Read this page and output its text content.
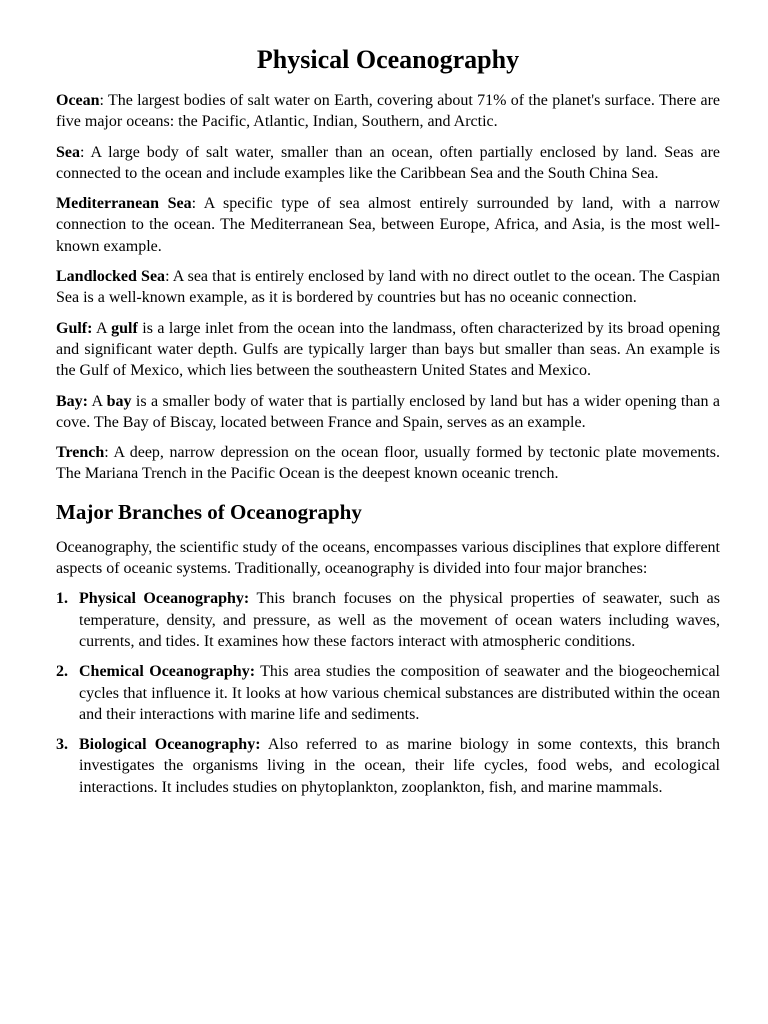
Physical Oceanography

Ocean: The largest bodies of salt water on Earth, covering about 71% of the planet's surface. There are five major oceans: the Pacific, Atlantic, Indian, Southern, and Arctic.

Sea: A large body of salt water, smaller than an ocean, often partially enclosed by land. Seas are connected to the ocean and include examples like the Caribbean Sea and the South China Sea.

Mediterranean Sea: A specific type of sea almost entirely surrounded by land, with a narrow connection to the ocean. The Mediterranean Sea, between Europe, Africa, and Asia, is the most well-known example.

Landlocked Sea: A sea that is entirely enclosed by land with no direct outlet to the ocean. The Caspian Sea is a well-known example, as it is bordered by countries but has no oceanic connection.

Gulf: A gulf is a large inlet from the ocean into the landmass, often characterized by its broad opening and significant water depth. Gulfs are typically larger than bays but smaller than seas. An example is the Gulf of Mexico, which lies between the southeastern United States and Mexico.

Bay: A bay is a smaller body of water that is partially enclosed by land but has a wider opening than a cove. The Bay of Biscay, located between France and Spain, serves as an example.

Trench: A deep, narrow depression on the ocean floor, usually formed by tectonic plate movements. The Mariana Trench in the Pacific Ocean is the deepest known oceanic trench.

Major Branches of Oceanography

Oceanography, the scientific study of the oceans, encompasses various disciplines that explore different aspects of oceanic systems. Traditionally, oceanography is divided into four major branches:

1. Physical Oceanography: This branch focuses on the physical properties of seawater, such as temperature, density, and pressure, as well as the movement of ocean waters including waves, currents, and tides. It examines how these factors interact with atmospheric conditions.
2. Chemical Oceanography: This area studies the composition of seawater and the biogeochemical cycles that influence it. It looks at how various chemical substances are distributed within the ocean and their interactions with marine life and sediments.
3. Biological Oceanography: Also referred to as marine biology in some contexts, this branch investigates the organisms living in the ocean, their life cycles, food webs, and ecological interactions. It includes studies on phytoplankton, zooplankton, fish, and marine mammals.
